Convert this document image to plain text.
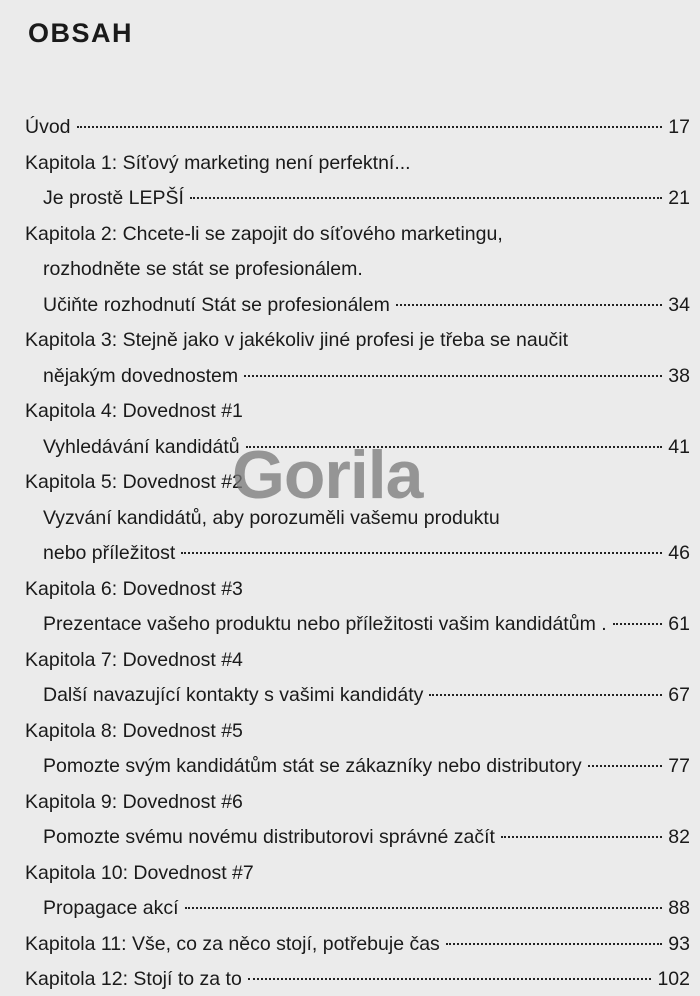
OBSAH
Úvod	17
Kapitola 1: Síťový marketing není perfektní...
Je prostě LEPŠÍ	21
Kapitola 2: Chcete-li se zapojit do síťového marketingu,
rozhodněte se stát se profesionálem.
Učiňte rozhodnutí Stát se profesionálem	34
Kapitola 3: Stejně jako v jakékoliv jiné profesi je třeba se naučit
nějakým dovednostem	38
Kapitola 4: Dovednost #1
Vyhledávání kandidátů	41
Kapitola 5: Dovednost #2
Vyzvání kandidátů, aby porozuměli vašemu produktu
nebo příležitost	46
Kapitola 6: Dovednost #3
Prezentace vašeho produktu nebo příležitosti vašim kandidátům .	61
Kapitola 7: Dovednost #4
Další navazující kontakty s vašimi kandidáty	67
Kapitola 8: Dovednost #5
Pomozte svým kandidátům stát se zákazníky nebo distributory	77
Kapitola 9: Dovednost #6
Pomozte svému novému distributorovi správné začít	82
Kapitola 10: Dovednost #7
Propagace akcí	88
Kapitola 11: Vše, co za něco stojí, potřebuje čas	93
Kapitola 12: Stojí to za to	102
Gorila
